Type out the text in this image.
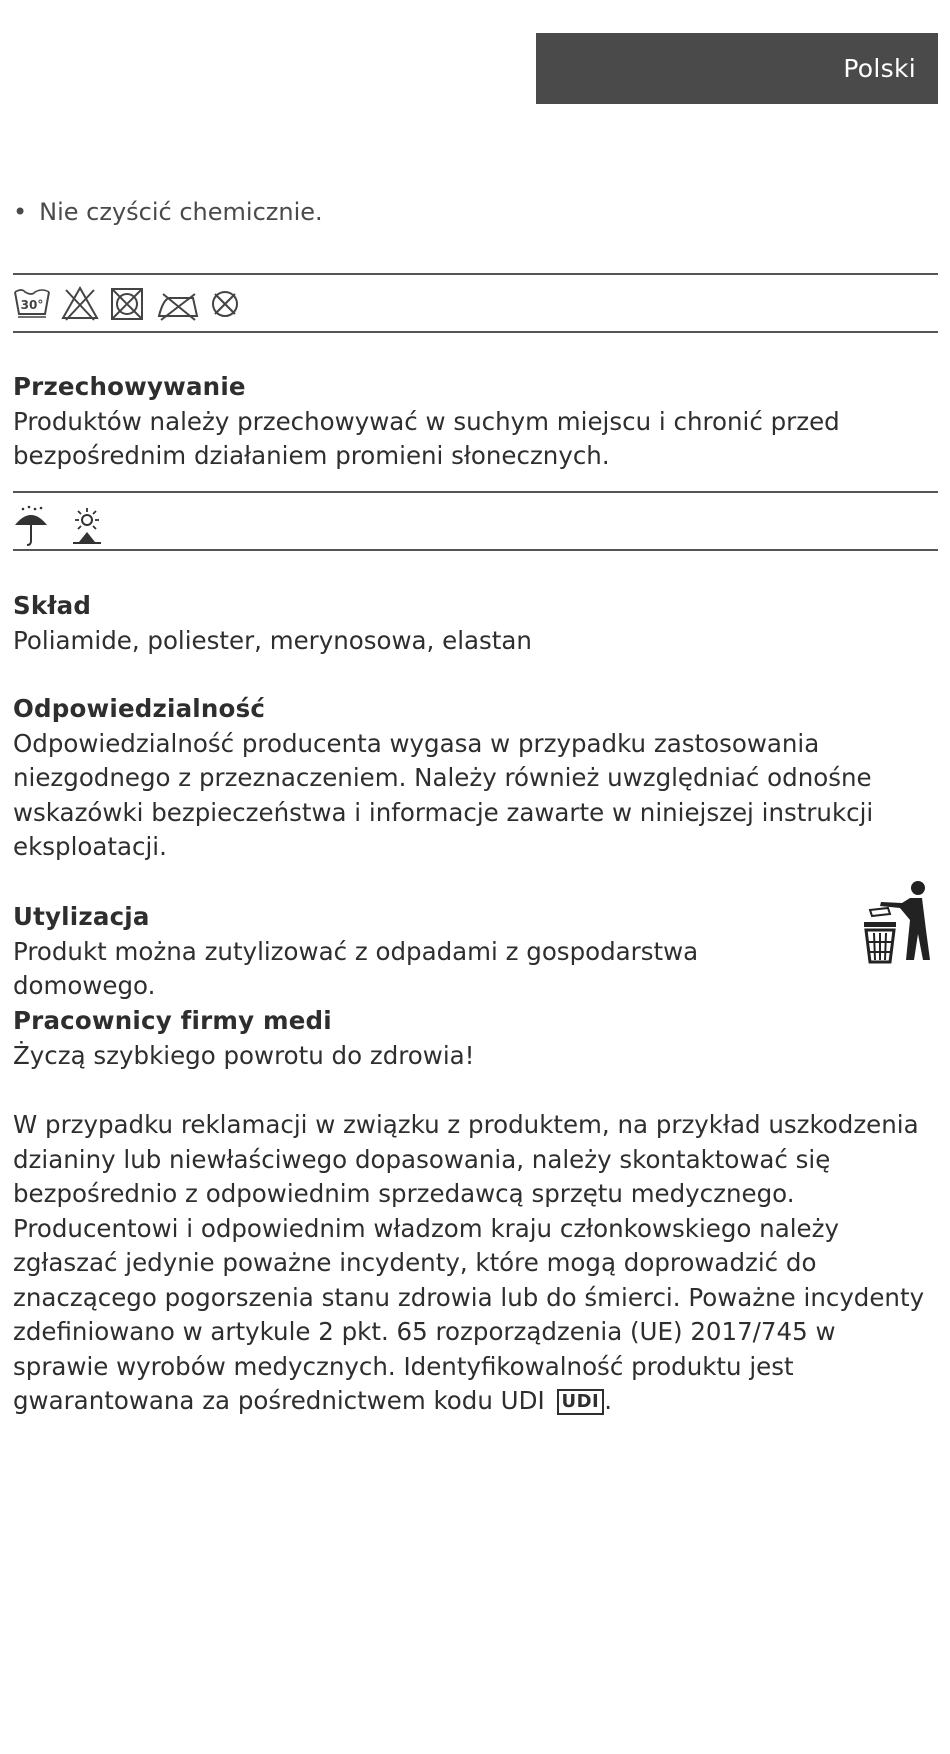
Polski
• Nie czyścić chemicznie.
30°

Przechowywanie

Produktów należy przechowywać w suchym miejscu i chronić przed bezpośrednim działaniem promieni słonecznych.

Skład

Poliamide, poliester, merynosowa, elastan

Odpowiedzialność

Odpowiedzialność producenta wygasa w przypadku zastosowania niezgodnego z przeznaczeniem. Należy również uwzględniać odnośne wskazówki bezpieczeństwa i informacje zawarte w niniejszej instrukcji eksploatacji.

Utylizacja

Produkt można zutylizować z odpadami z gospodarstwa domowego.

Pracownicy firmy medi

Życzą szybkiego powrotu do zdrowia!

W przypadku reklamacji w związku z produktem, na przykład uszkodzenia dzianiny lub niewłaściwego dopasowania, należy skontaktować się bezpośrednio z odpowiednim sprzedawcą sprzętu medycznego. Producentowi i odpowiednim władzom kraju członkowskiego należy zgłaszać jedynie poważne incydenty, które mogą doprowadzić do znaczącego pogorszenia stanu zdrowia lub do śmierci. Poważne incydenty zdefiniowano w artykule 2 pkt. 65 rozporządzenia (UE) 2017/745 w sprawie wyrobów medycznych. Identyfikowalność produktu jest gwarantowana za pośrednictwem kodu UDI UDI .
